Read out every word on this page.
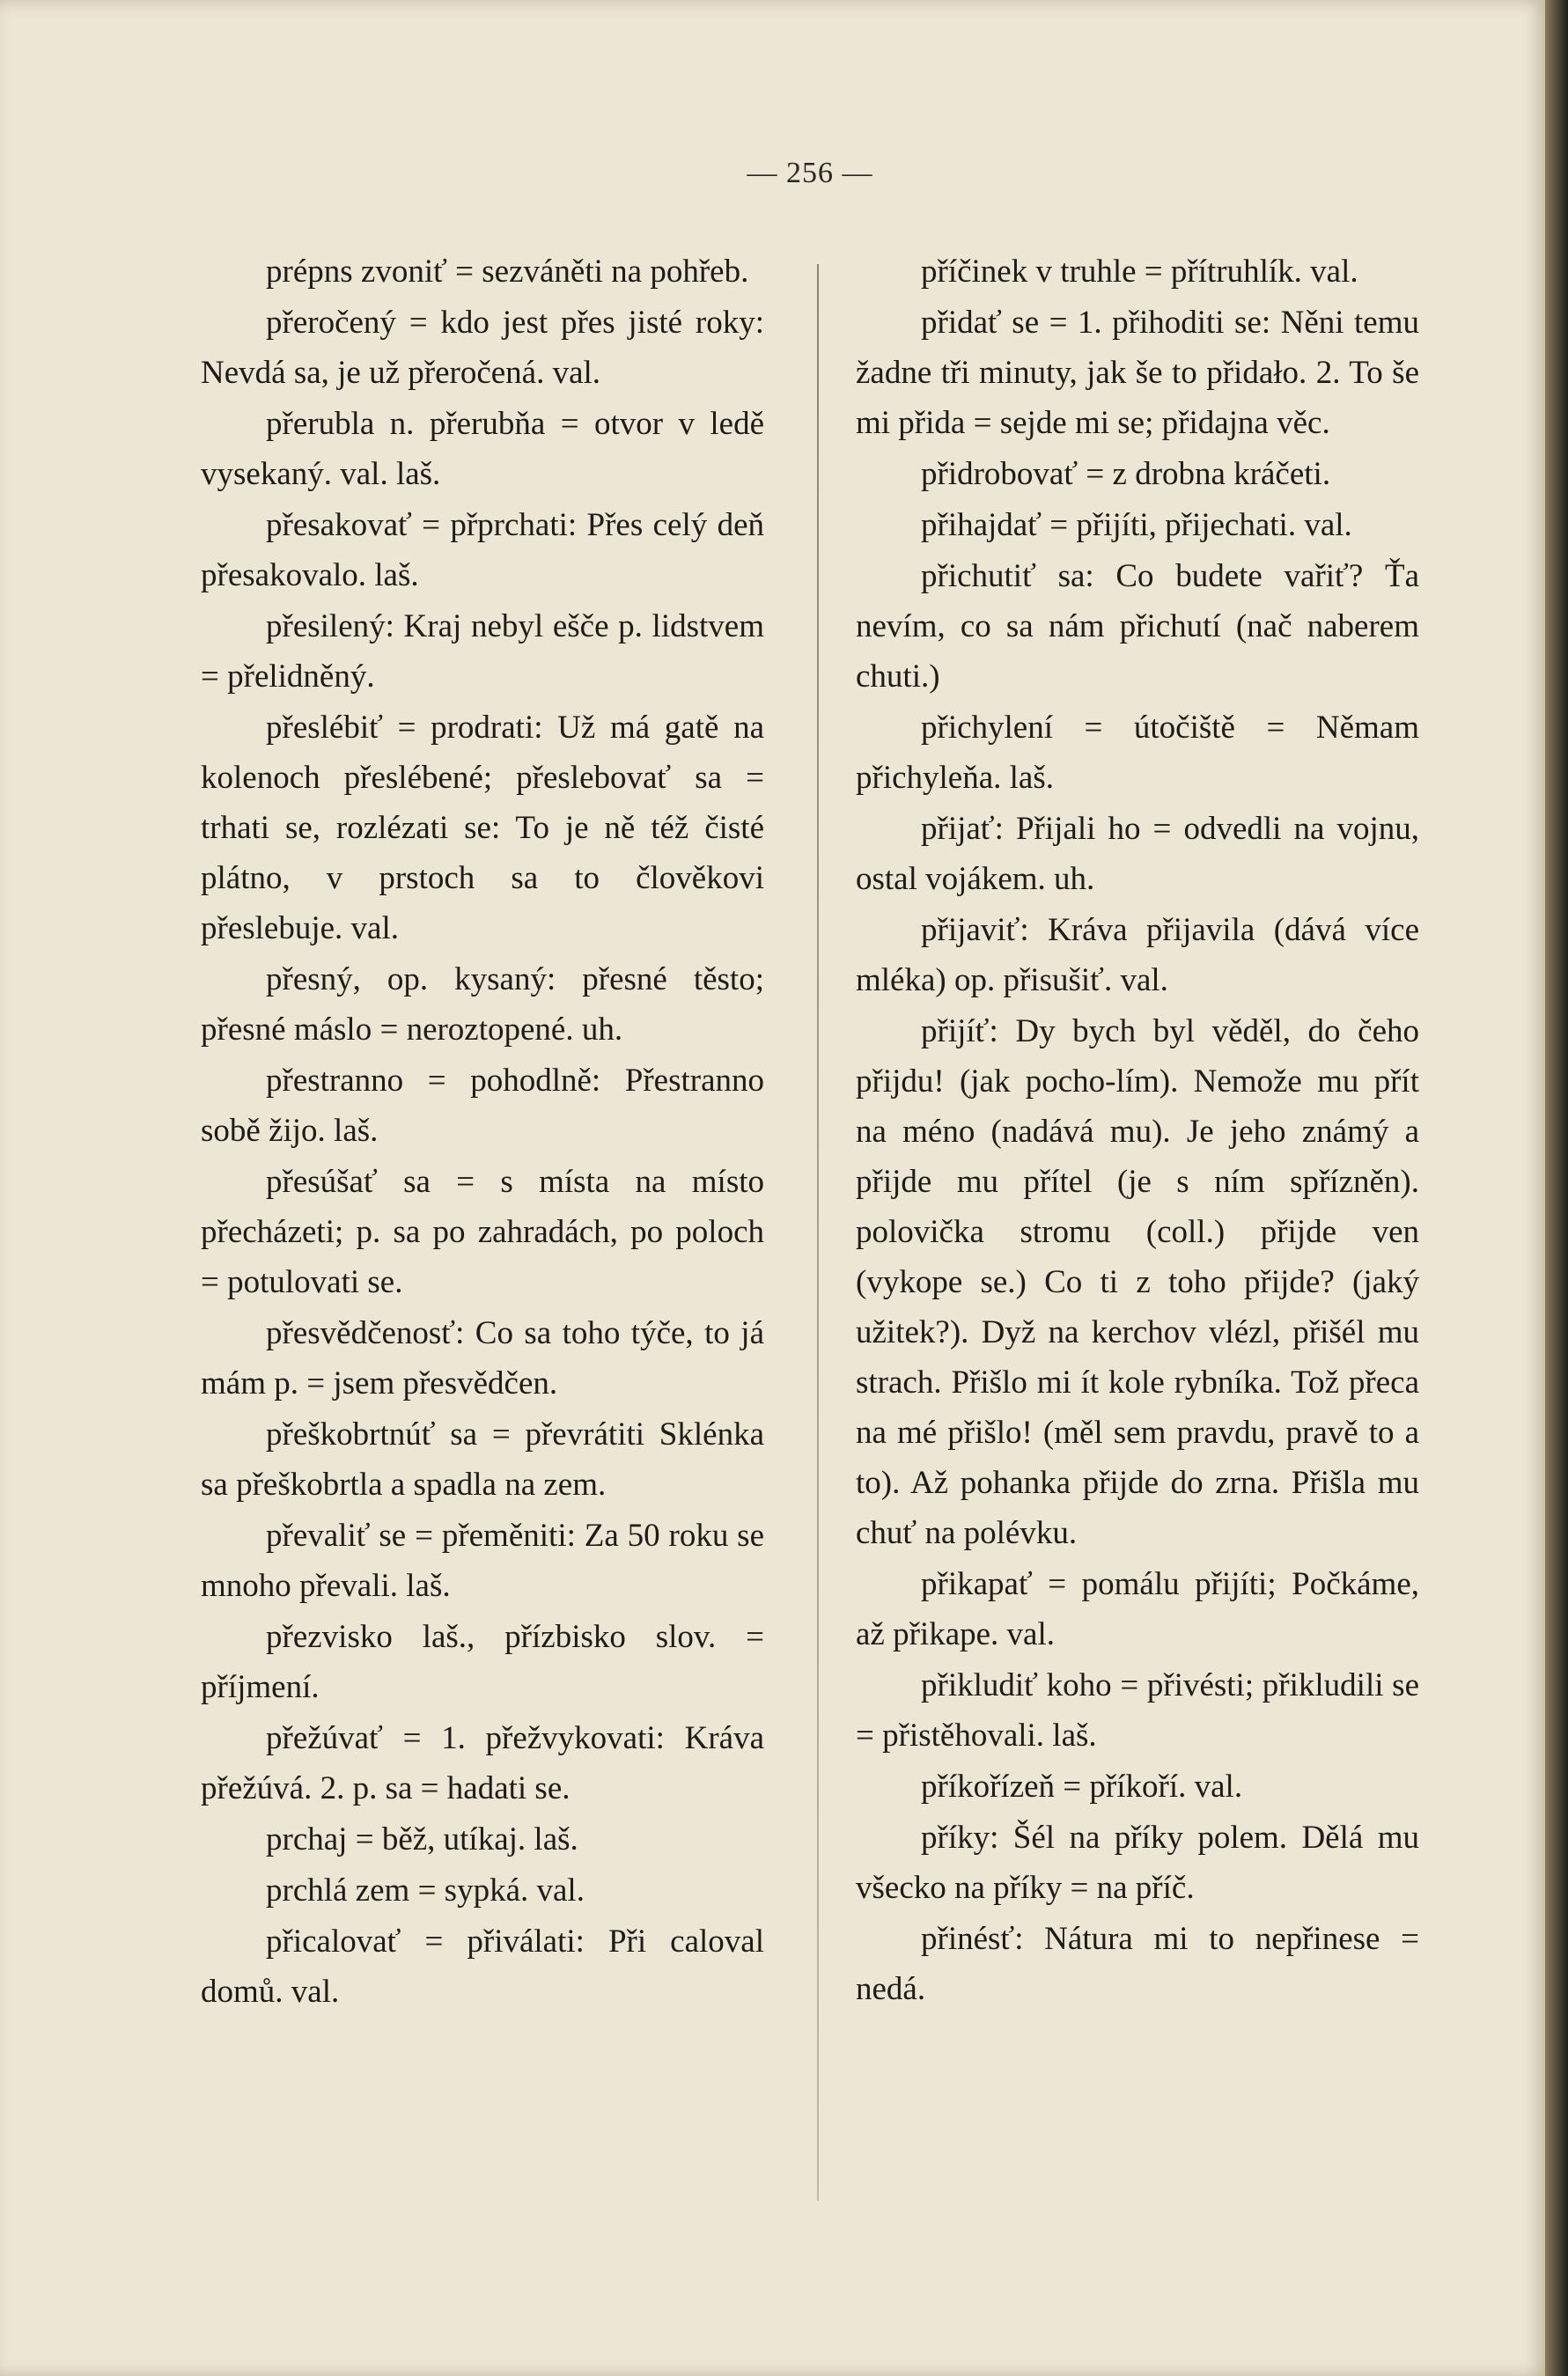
— 256 —

prépns zvoniť = sezváněti na pohřeb.

přeročený = kdo jest přes jisté roky: Nevdá sa, je už přeročená. val.

přerubla n. přerubňa = otvor v ledě vysekaný. val. laš.

přesakovať = přprchati: Přes celý deň přesakovalo. laš.

přesilený: Kraj nebyl ešče p. lidstvem = přelidněný.

přeslébiť = prodrati: Už má gatě na kolenoch přeslébené; přeslebovať sa = trhati se, rozlézati se: To je ně též čisté plátno, v prstoch sa to člověkovi přeslebuje. val.

přesný, op. kysaný: přesné těsto; přesné máslo = neroztopené. uh.

přestranno = pohodlně: Přestranno sobě žijo. laš.

přesúšať sa = s místa na místo přecházeti; p. sa po zahradách, po poloch = potulovati se.

přesvědčenosť: Co sa toho týče, to já mám p. = jsem přesvědčen.

přeškobrtnúť sa = převrátiti Sklénka sa přeškobrtla a spadla na zem.

převaliť se = přeměniti: Za 50 roku se mnoho převali. laš.

přezvisko laš., přízbisko slov. = příjmení.

přežúvať = 1. přežvykovati: Kráva přežúvá. 2. p. sa = hadati se.

prchaj = běž, utíkaj. laš.

prchlá zem = sypká. val.

přicalovať = přiválati: Při caloval domů. val.

příčinek v truhle = přítruhlík. val.

přidať se = 1. přihoditi se: Něni temu žadne tři minuty, jak še to přidało. 2. To še mi přida = sejde mi se; přidajna věc.

přidrobovať = z drobna kráčeti.

přihajdať = přijíti, přijechati. val.

přichutiť sa: Co budete vařiť? Ťa nevím, co sa nám přichutí (nač naberem chuti.)

přichylení = útočiště = Němam přichyleňa. laš.

přijať: Přijali ho = odvedli na vojnu, ostal vojákem. uh.

přijaviť: Kráva přijavila (dává více mléka) op. přisušiť. val.

přijíť: Dy bych byl věděl, do čeho přijdu! (jak pocho-lím). Nemože mu přít na méno (nadává mu). Je jeho známý a přijde mu přítel (je s ním spřízněn). polovička stromu (coll.) přijde ven (vykope se.) Co ti z toho přijde? (jaký užitek?). Dyž na kerchov vlézl, přišél mu strach. Přišlo mi ít kole rybníka. Tož přeca na mé přišlo! (měl sem pravdu, pravě to a to). Až pohanka přijde do zrna. Přišla mu chuť na polévku.

přikapať = pomálu přijíti; Počkáme, až přikape. val.

přikludiť koho = přivésti; přikludili se = přistěhovali. laš.

příkořízeň = příkoří. val.

příky: Šél na příky polem. Dělá mu všecko na příky = na příč.

přinésť: Nátura mi to nepřinese = nedá.
